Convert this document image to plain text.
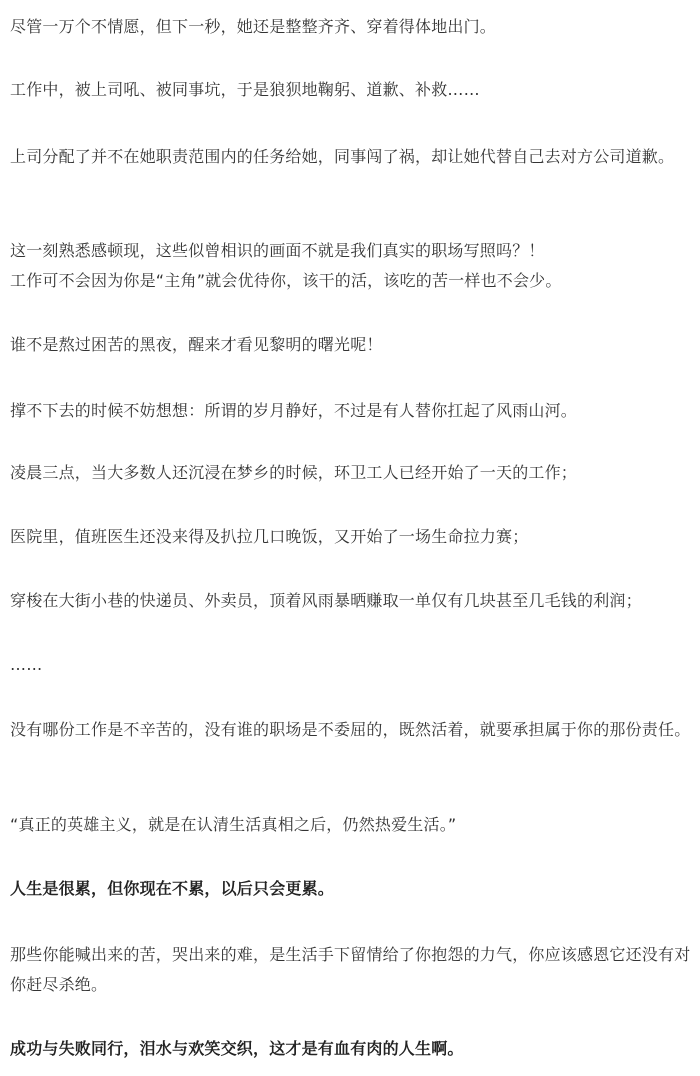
尽管一万个不情愿，但下一秒，她还是整整齐齐、穿着得体地出门。
工作中，被上司吼、被同事坑，于是狼狈地鞠躬、道歉、补救……
上司分配了并不在她职责范围内的任务给她，同事闯了祸，却让她代替自己去对方公司道歉。
这一刻熟悉感顿现，这些似曾相识的画面不就是我们真实的职场写照吗？！
工作可不会因为你是“主角”就会优待你，该干的活，该吃的苦一样也不会少。
谁不是熬过困苦的黑夜，醒来才看见黎明的曙光呢！
撑不下去的时候不妨想想：所谓的岁月静好，不过是有人替你扛起了风雨山河。
凌晨三点，当大多数人还沉浸在梦乡的时候，环卫工人已经开始了一天的工作；
医院里，值班医生还没来得及扒拉几口晚饭，又开始了一场生命拉力赛；
穿梭在大街小巷的快递员、外卖员，顶着风雨暴晒赚取一单仅有几块甚至几毛钱的利润；
……
没有哪份工作是不辛苦的，没有谁的职场是不委屈的，既然活着，就要承担属于你的那份责任。
“真正的英雄主义，就是在认清生活真相之后，仍然热爱生活。”
人生是很累，但你现在不累，以后只会更累。
那些你能喊出来的苦，哭出来的难，是生活手下留情给了你抱怨的力气，你应该感恩它还没有对你赶尽杀绝。
成功与失败同行，泪水与欢笑交织，这才是有血有肉的人生啊。
